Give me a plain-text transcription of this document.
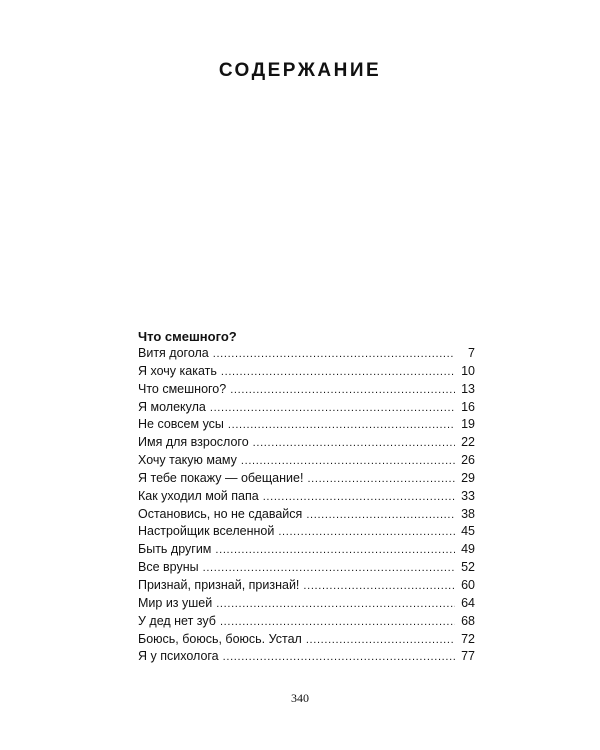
СОДЕРЖАНИЕ
Что смешного?
Витя догола . . .	7
Я хочу какать . . .	10
Что смешного? . . .	13
Я молекула . . .	16
Не совсем усы . . .	19
Имя для взрослого . . .	22
Хочу такую маму . . .	26
Я тебе покажу — обещание! . . .	29
Как уходил мой папа . . .	33
Остановись, но не сдавайся . . .	38
Настройщик вселенной . . .	45
Быть другим . . .	49
Все вруны . . .	52
Признай, признай, признай! . . .	60
Мир из ушей . . .	64
У дед нет зуб . . .	68
Боюсь, боюсь, боюсь. Устал . . .	72
Я у психолога . . .	77
340
